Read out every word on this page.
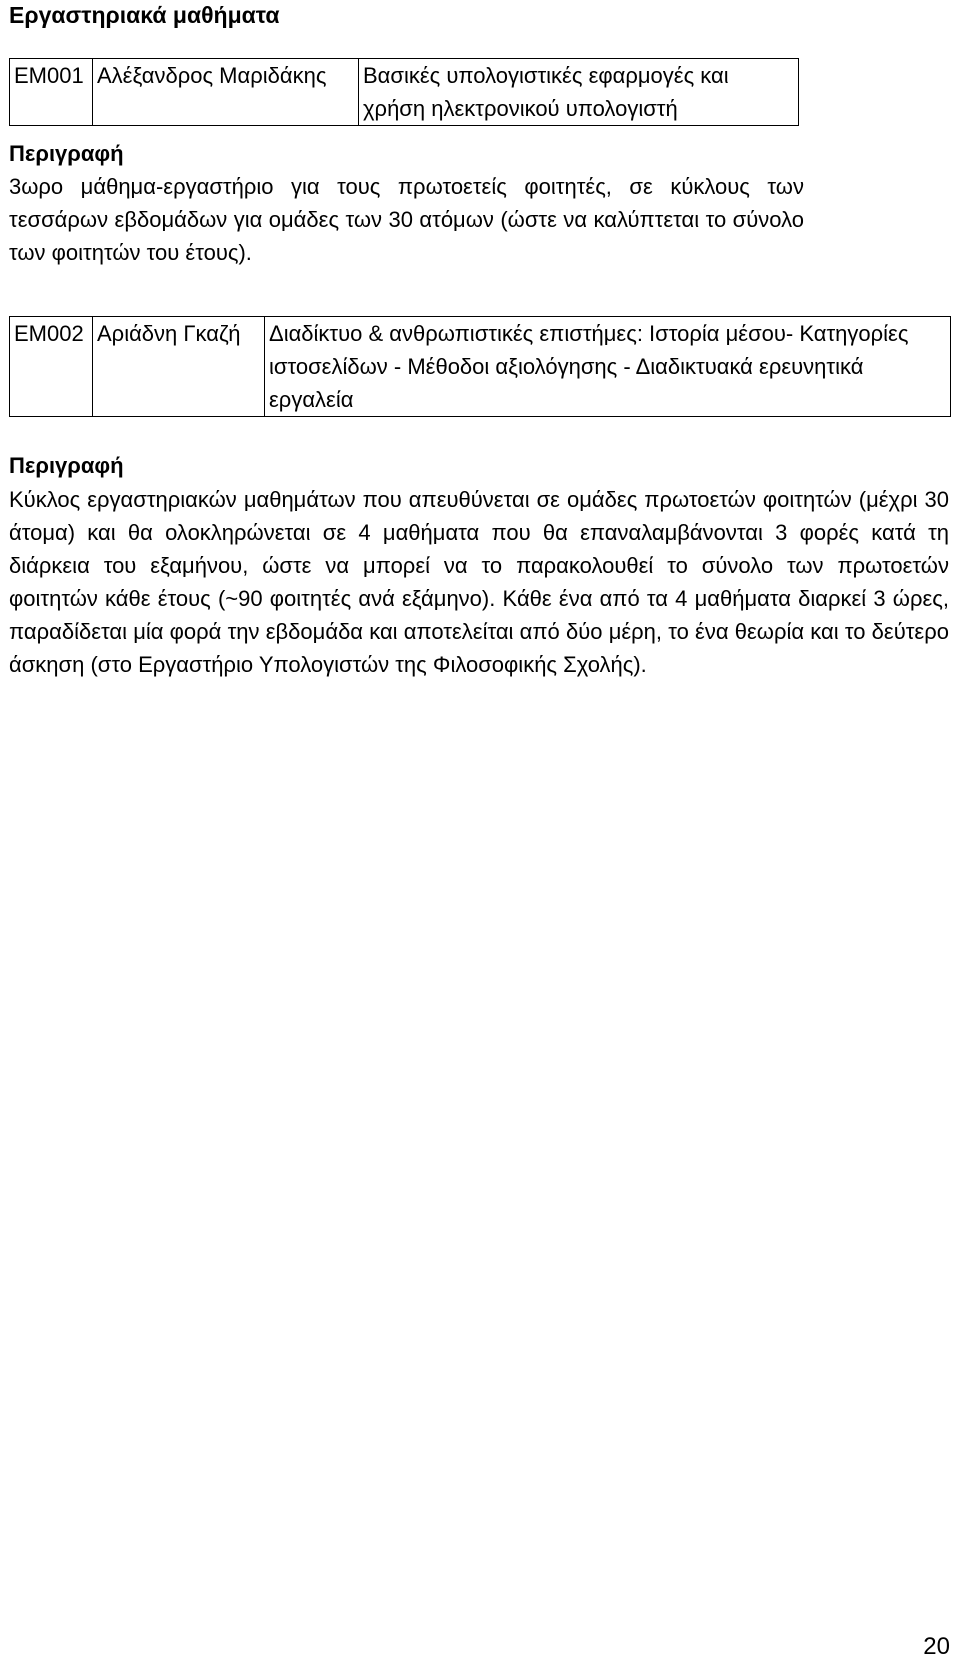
Εργαστηριακά μαθήματα
ΕΜ001	Αλέξανδρος Μαριδάκης	Βασικές υπολογιστικές εφαρμογές και χρήση ηλεκτρονικού υπολογιστή
Περιγραφή
3ωρο μάθημα-εργαστήριο για τους πρωτοετείς φοιτητές, σε κύκλους των τεσσάρων εβδομάδων για ομάδες των 30 ατόμων (ώστε να καλύπτεται το σύνολο των φοιτητών του έτους).
ΕΜ002	Αριάδνη Γκαζή	Διαδίκτυο & ανθρωπιστικές επιστήμες: Ιστορία μέσου- Κατηγορίες ιστοσελίδων - Μέθοδοι αξιολόγησης - Διαδικτυακά ερευνητικά εργαλεία
Περιγραφή
Κύκλος εργαστηριακών μαθημάτων που απευθύνεται σε ομάδες πρωτοετών φοιτητών (μέχρι 30 άτομα) και θα ολοκληρώνεται σε 4 μαθήματα που θα επαναλαμβάνονται 3 φορές κατά τη διάρκεια του εξαμήνου, ώστε να μπορεί να το παρακολουθεί το σύνολο των πρωτοετών φοιτητών κάθε έτους (~90 φοιτητές ανά εξάμηνο). Κάθε ένα από τα 4 μαθήματα διαρκεί 3 ώρες, παραδίδεται μία φορά την εβδομάδα και αποτελείται από δύο μέρη, το ένα θεωρία και το δεύτερο άσκηση (στο Εργαστήριο Υπολογιστών της Φιλοσοφικής Σχολής).
20
